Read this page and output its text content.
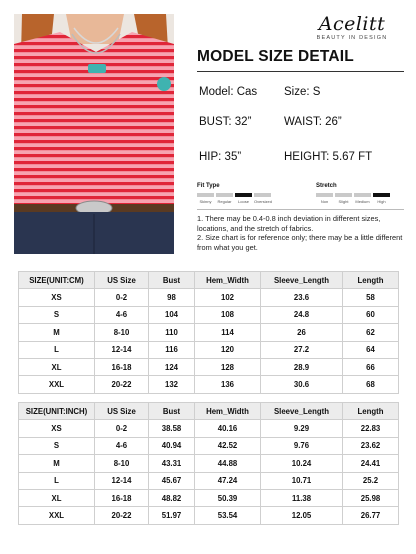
Acelitt
BEAUTY IN DESIGN
MODEL SIZE DETAIL
Model: Cas Size: S
BUST: 32”	WAIST: 26”
HIP: 35”	HEIGHT: 5.67 FT
Fit Type
Skinny	Regular	Loose	Oversized
Stretch
Non	Slight	Medium	High

1. There may be 0.4-0.8 inch deviation in different sizes, locations, and the stretch of fabrics.

2. Size chart is for reference only; there may be a little different from what you get.

SIZE(UNIT:CM)	US Size	Bust	Hem_Width	Sleeve_Length	Length
XS	0-2	98	102	23.6	58
S	4-6	104	108	24.8	60
M	8-10	110	114	26	62
L	12-14	116	120	27.2	64
XL	16-18	124	128	28.9	66
XXL	20-22	132	136	30.6	68
SIZE(UNIT:INCH)	US Size	Bust	Hem_Width	Sleeve_Length	Length
XS	0-2	38.58	40.16	9.29	22.83
S	4-6	40.94	42.52	9.76	23.62
M	8-10	43.31	44.88	10.24	24.41
L	12-14	45.67	47.24	10.71	25.2
XL	16-18	48.82	50.39	11.38	25.98
XXL	20-22	51.97	53.54	12.05	26.77
